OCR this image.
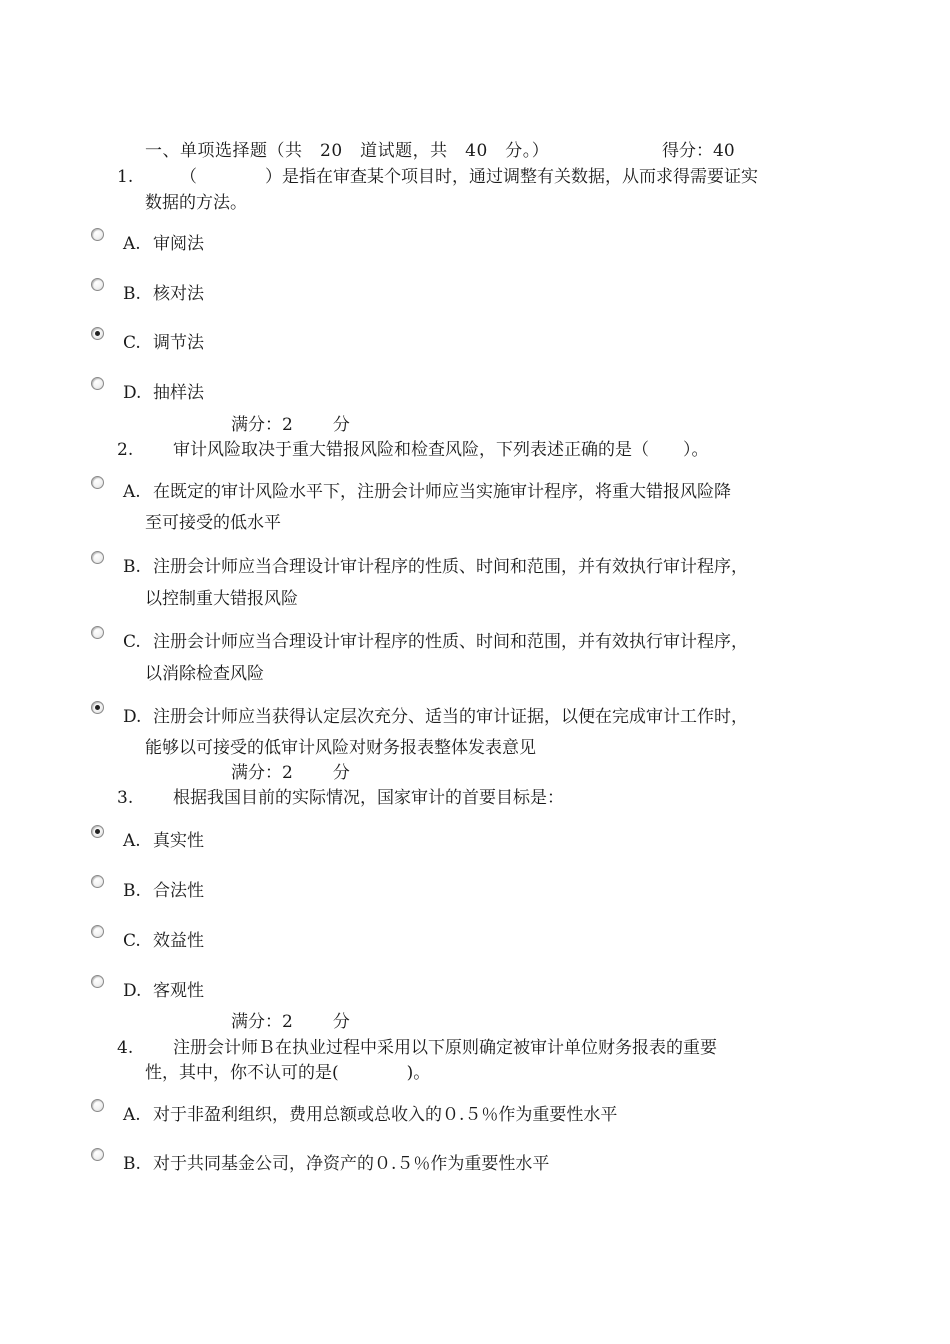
一、单项选择题（共　20　道试题，共　40　分。）	得分：40
1.	（　　　　）是指在审查某个项目时，通过调整有关数据，从而求得需要证实
数据的方法。
A. 审阅法
B. 核对法
C. 调节法
D. 抽样法
满分：2 分
2. 审计风险取决于重大错报风险和检查风险，下列表述正确的是（　　）。
A. 在既定的审计风险水平下，注册会计师应当实施审计程序，将重大错报风险降
至可接受的低水平
B. 注册会计师应当合理设计审计程序的性质、时间和范围，并有效执行审计程序，
以控制重大错报风险
C. 注册会计师应当合理设计审计程序的性质、时间和范围，并有效执行审计程序，
以消除检查风险
D. 注册会计师应当获得认定层次充分、适当的审计证据，以便在完成审计工作时，
能够以可接受的低审计风险对财务报表整体发表意见
满分：2 分
3. 根据我国目前的实际情况，国家审计的首要目标是：
A. 真实性
B. 合法性
C. 效益性
D. 客观性
满分：2 分
4. 注册会计师Ｂ在执业过程中采用以下原则确定被审计单位财务报表的重要
性，其中，你不认可的是(　　　　)。
A. 对于非盈利组织，费用总额或总收入的０.５％作为重要性水平
B. 对于共同基金公司，净资产的０.５％作为重要性水平
